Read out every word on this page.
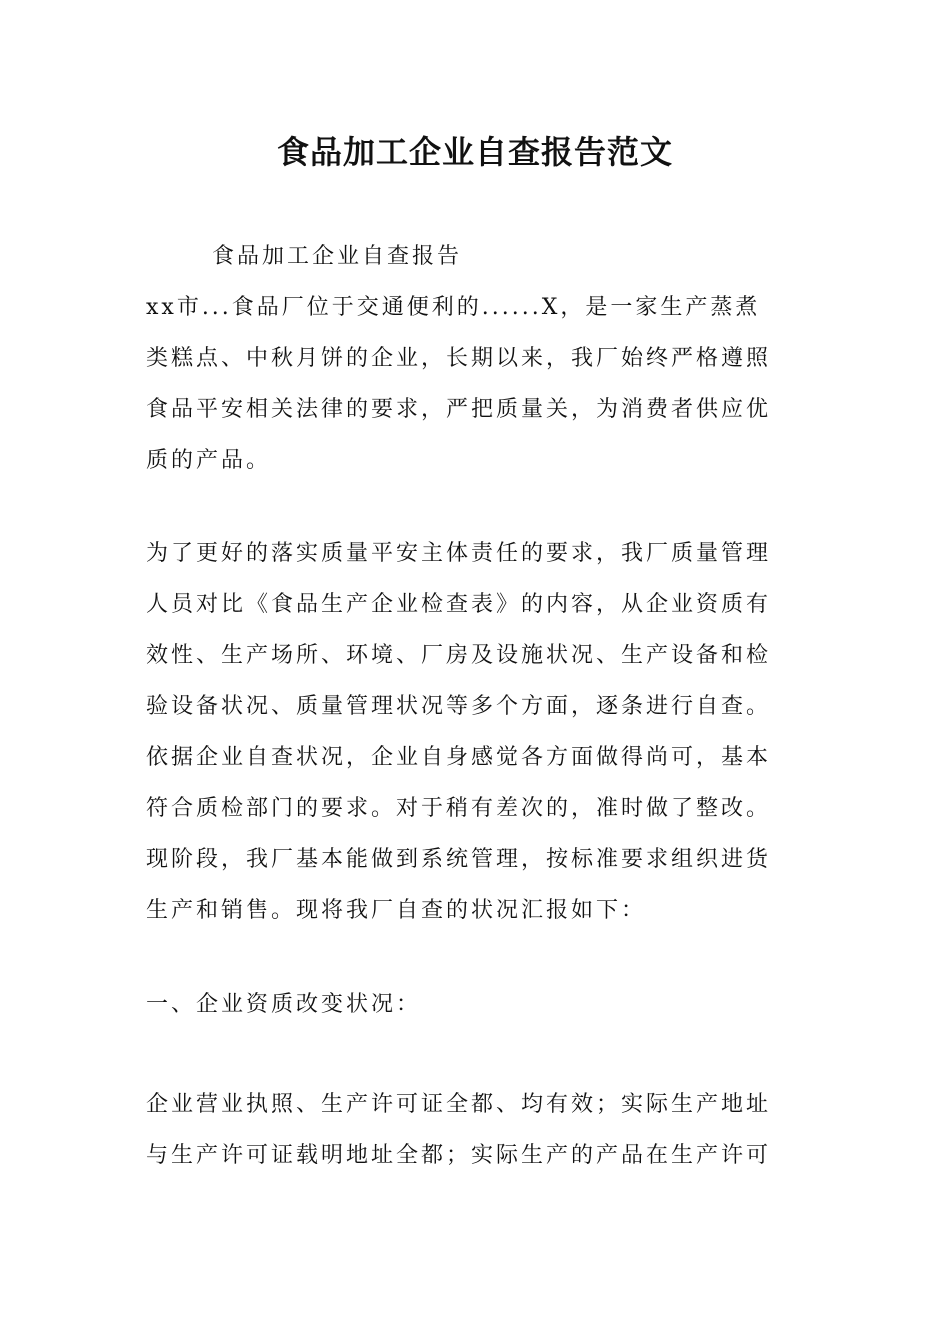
食品加工企业自查报告范文
食品加工企业自查报告
xx市...食品厂位于交通便利的......X，是一家生产蒸煮
类糕点、中秋月饼的企业，长期以来，我厂始终严格遵照
食品平安相关法律的要求，严把质量关，为消费者供应优
质的产品。
为了更好的落实质量平安主体责任的要求，我厂质量管理
人员对比《食品生产企业检查表》的内容，从企业资质有
效性、生产场所、环境、厂房及设施状况、生产设备和检
验设备状况、质量管理状况等多个方面，逐条进行自查。
依据企业自查状况，企业自身感觉各方面做得尚可，基本
符合质检部门的要求。对于稍有差次的，准时做了整改。
现阶段，我厂基本能做到系统管理，按标准要求组织进货
生产和销售。现将我厂自查的状况汇报如下：
一、企业资质改变状况：
企业营业执照、生产许可证全都、均有效；实际生产地址
与生产许可证载明地址全都；实际生产的产品在生产许可
